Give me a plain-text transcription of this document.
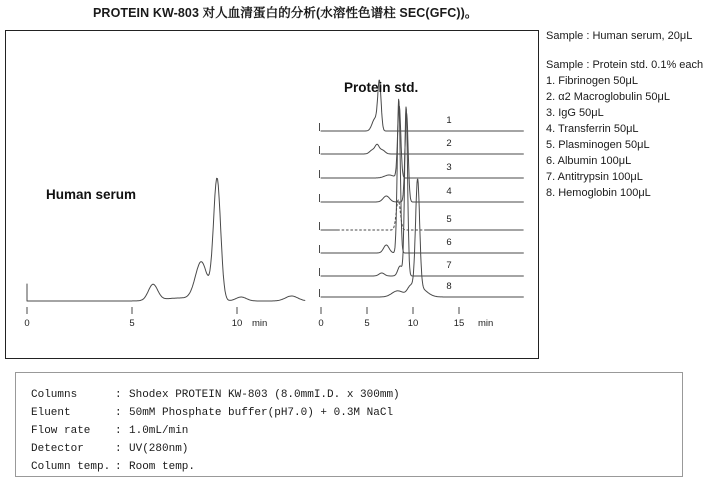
PROTEIN KW-803 对人血清蛋白的分析(水溶性色谱柱 SEC(GFC))。
0	5	10 min
1
2
3
4
5
6
7
8
0	5	10	15 min
Human serum
Protein std.
Sample : Human serum, 20μL
Sample : Protein std. 0.1% each
1. Fibrinogen 50μL
2. α2 Macroglobulin 50μL
3. IgG 50μL
4. Transferrin 50μL
5. Plasminogen 50μL
6. Albumin 100μL
7. Antitrypsin 100μL
8. Hemoglobin 100μL
Columns	: Shodex PROTEIN KW-803 (8.0mmI.D. x 300mm)
Eluent	: 50mM Phosphate buffer(pH7.0) + 0.3M NaCl
Flow rate	: 1.0mL/min
Detector	: UV(280nm)
Column temp. : Room temp.
